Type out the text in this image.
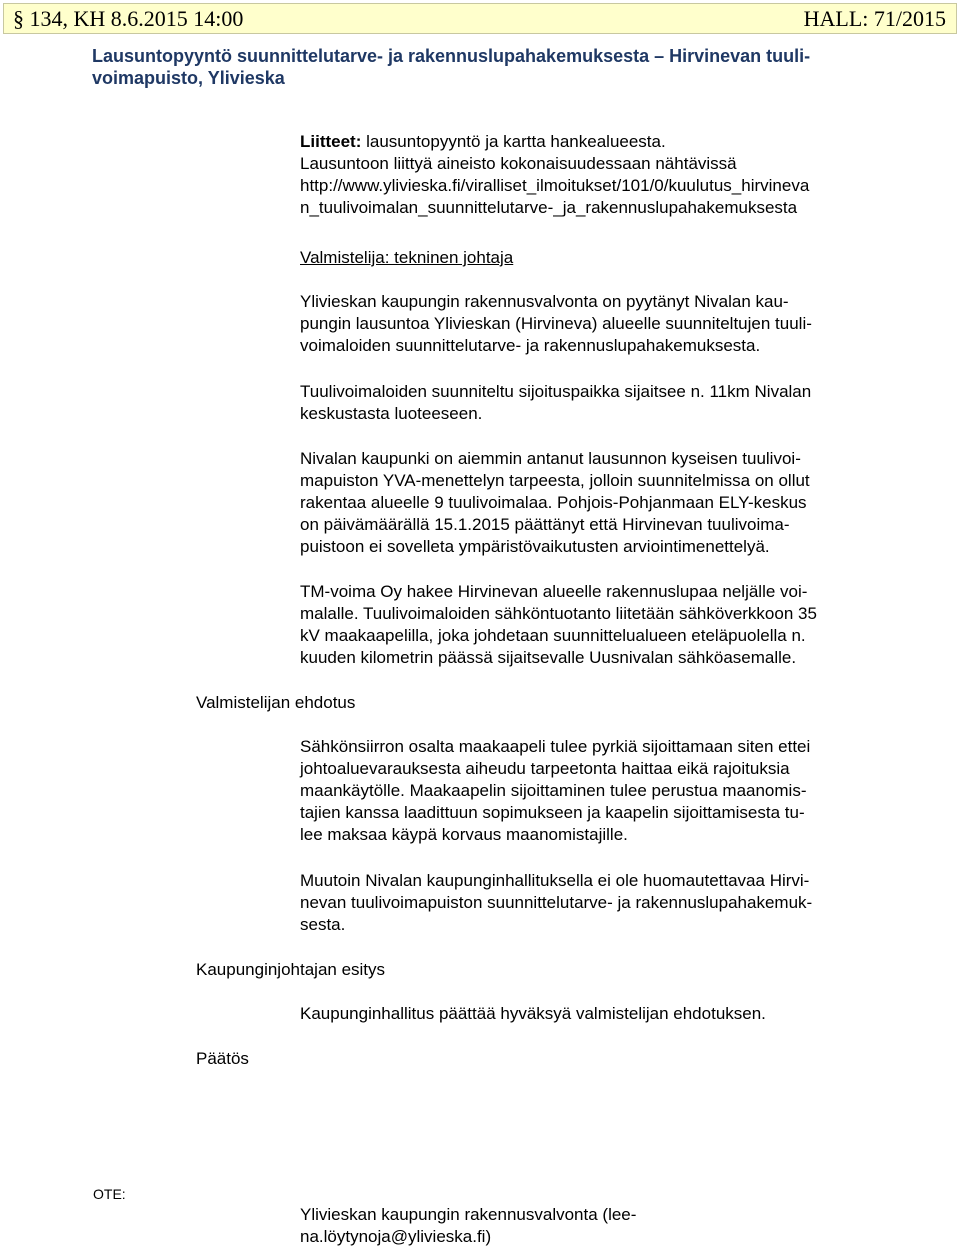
§ 134, KH 8.6.2015 14:00	HALL: 71/2015
Lausuntopyyntö suunnittelutarve- ja rakennuslupahakemuksesta – Hirvinevan tuuli-
voimapuisto, Ylivieska
Liitteet: lausuntopyyntö ja kartta hankealueesta.
Lausuntoon liittyä aineisto kokonaisuudessaan nähtävissä
http://www.ylivieska.fi/viralliset_ilmoitukset/101/0/kuulutus_hirvineva
n_tuulivoimalan_suunnittelutarve-_ja_rakennuslupahakemuksesta
Valmistelija: tekninen johtaja
Ylivieskan kaupungin rakennusvalvonta on pyytänyt Nivalan kau-
pungin lausuntoa Ylivieskan (Hirvineva) alueelle suunniteltujen tuuli-
voimaloiden suunnittelutarve- ja rakennuslupahakemuksesta.
Tuulivoimaloiden suunniteltu sijoituspaikka sijaitsee n. 11km Nivalan
keskustasta luoteeseen.
Nivalan kaupunki on aiemmin antanut lausunnon kyseisen tuulivoi-
mapuiston YVA-menettelyn tarpeesta, jolloin suunnitelmissa on ollut
rakentaa alueelle 9 tuulivoimalaa. Pohjois-Pohjanmaan ELY-keskus
on päivämäärällä 15.1.2015 päättänyt että Hirvinevan tuulivoima-
puistoon ei sovelleta ympäristövaikutusten arviointimenettelyä.
TM-voima Oy hakee Hirvinevan alueelle rakennuslupaa neljälle voi-
malalle. Tuulivoimaloiden sähköntuotanto liitetään sähköverkkoon 35
kV maakaapelilla, joka johdetaan suunnittelualueen eteläpuolella n.
kuuden kilometrin päässä sijaitsevalle Uusnivalan sähköasemalle.
Valmistelijan ehdotus
Sähkönsiirron osalta maakaapeli tulee pyrkiä sijoittamaan siten ettei
johtoaluevarauksesta aiheudu tarpeetonta haittaa eikä rajoituksia
maankäytölle. Maakaapelin sijoittaminen tulee perustua maanomis-
tajien kanssa laadittuun sopimukseen ja kaapelin sijoittamisesta tu-
lee maksaa käypä korvaus maanomistajille.
Muutoin Nivalan kaupunginhallituksella ei ole huomautettavaa Hirvi-
nevan tuulivoimapuiston suunnittelutarve- ja rakennuslupahakemuk-
sesta.
Kaupunginjohtajan esitys
Kaupunginhallitus päättää hyväksyä valmistelijan ehdotuksen.
Päätös
OTE:
Ylivieskan kaupungin rakennusvalvonta (lee-
na.löytynoja@ylivieska.fi)
